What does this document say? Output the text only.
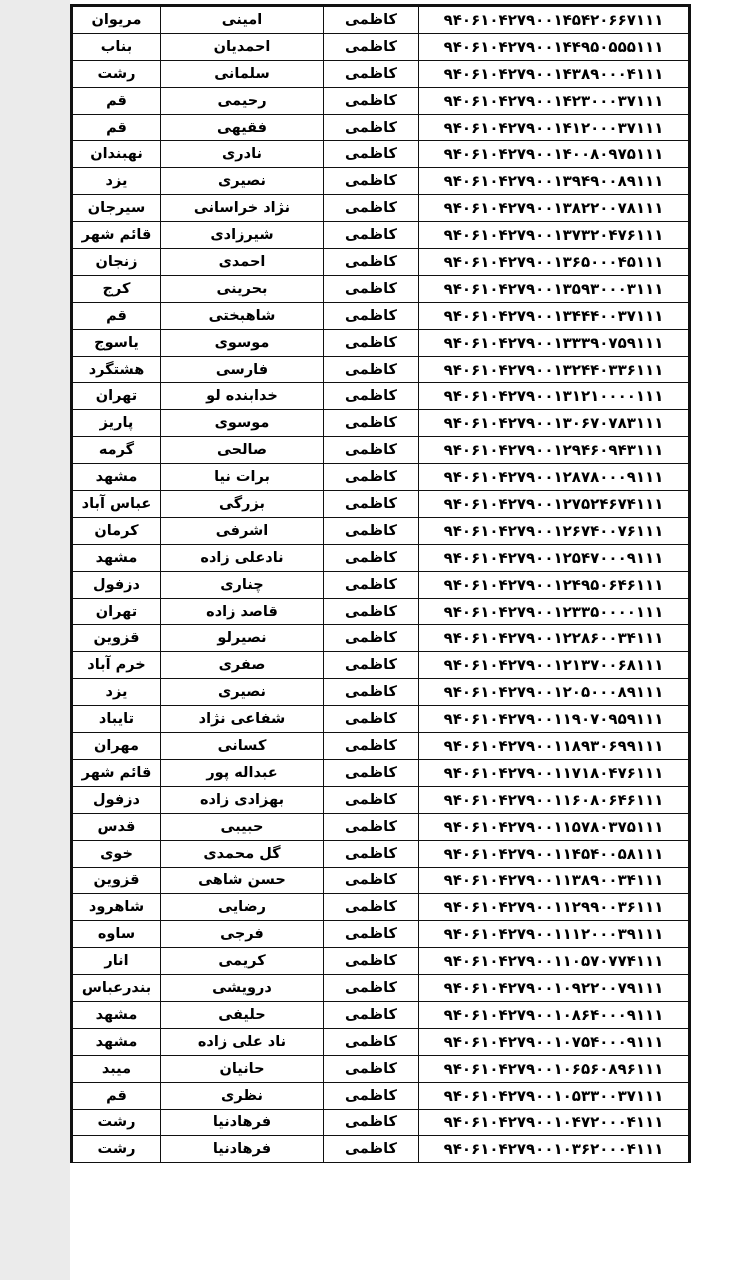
مریوان	امینی	کاظمی	۹۴۰۶۱۰۴۲۷۹۰۰۱۴۵۴۲۰۶۶۷۱۱۱
بناب	احمدیان	کاظمی	۹۴۰۶۱۰۴۲۷۹۰۰۱۴۴۹۵۰۵۵۵۱۱۱
رشت	سلمانی	کاظمی	۹۴۰۶۱۰۴۲۷۹۰۰۱۴۳۸۹۰۰۰۴۱۱۱
قم	رحیمی	کاظمی	۹۴۰۶۱۰۴۲۷۹۰۰۱۴۲۳۰۰۰۳۷۱۱۱
قم	فقیهی	کاظمی	۹۴۰۶۱۰۴۲۷۹۰۰۱۴۱۲۰۰۰۳۷۱۱۱
نهبندان	نادری	کاظمی	۹۴۰۶۱۰۴۲۷۹۰۰۱۴۰۰۸۰۹۷۵۱۱۱
یزد	نصیری	کاظمی	۹۴۰۶۱۰۴۲۷۹۰۰۱۳۹۴۹۰۰۸۹۱۱۱
سیرجان	نژاد خراسانی	کاظمی	۹۴۰۶۱۰۴۲۷۹۰۰۱۳۸۲۲۰۰۷۸۱۱۱
قائم شهر	شیرزادی	کاظمی	۹۴۰۶۱۰۴۲۷۹۰۰۱۳۷۳۲۰۴۷۶۱۱۱
زنجان	احمدی	کاظمی	۹۴۰۶۱۰۴۲۷۹۰۰۱۳۶۵۰۰۰۴۵۱۱۱
کرج	بحرینی	کاظمی	۹۴۰۶۱۰۴۲۷۹۰۰۱۳۵۹۳۰۰۰۳۱۱۱
قم	شاهبختی	کاظمی	۹۴۰۶۱۰۴۲۷۹۰۰۱۳۴۴۴۰۰۳۷۱۱۱
یاسوج	موسوی	کاظمی	۹۴۰۶۱۰۴۲۷۹۰۰۱۳۳۳۹۰۷۵۹۱۱۱
هشتگرد	فارسی	کاظمی	۹۴۰۶۱۰۴۲۷۹۰۰۱۳۲۴۴۰۳۳۶۱۱۱
تهران	خدابنده لو	کاظمی	۹۴۰۶۱۰۴۲۷۹۰۰۱۳۱۲۱۰۰۰۰۱۱۱
پاریز	موسوی	کاظمی	۹۴۰۶۱۰۴۲۷۹۰۰۱۳۰۶۷۰۷۸۳۱۱۱
گرمه	صالحی	کاظمی	۹۴۰۶۱۰۴۲۷۹۰۰۱۲۹۴۶۰۹۴۳۱۱۱
مشهد	برات نیا	کاظمی	۹۴۰۶۱۰۴۲۷۹۰۰۱۲۸۷۸۰۰۰۹۱۱۱
عباس آباد	بزرگی	کاظمی	۹۴۰۶۱۰۴۲۷۹۰۰۱۲۷۵۲۴۶۷۴۱۱۱
کرمان	اشرفی	کاظمی	۹۴۰۶۱۰۴۲۷۹۰۰۱۲۶۷۴۰۰۷۶۱۱۱
مشهد	نادعلی زاده	کاظمی	۹۴۰۶۱۰۴۲۷۹۰۰۱۲۵۴۷۰۰۰۹۱۱۱
دزفول	چناری	کاظمی	۹۴۰۶۱۰۴۲۷۹۰۰۱۲۴۹۵۰۶۴۶۱۱۱
تهران	قاصد زاده	کاظمی	۹۴۰۶۱۰۴۲۷۹۰۰۱۲۳۳۵۰۰۰۰۱۱۱
قزوین	نصیرلو	کاظمی	۹۴۰۶۱۰۴۲۷۹۰۰۱۲۲۸۶۰۰۳۴۱۱۱
خرم آباد	صفری	کاظمی	۹۴۰۶۱۰۴۲۷۹۰۰۱۲۱۳۷۰۰۶۸۱۱۱
یزد	نصیری	کاظمی	۹۴۰۶۱۰۴۲۷۹۰۰۱۲۰۵۰۰۰۸۹۱۱۱
تایباد	شفاعی نژاد	کاظمی	۹۴۰۶۱۰۴۲۷۹۰۰۱۱۹۰۷۰۹۵۹۱۱۱
مهران	کسانی	کاظمی	۹۴۰۶۱۰۴۲۷۹۰۰۱۱۸۹۳۰۶۹۹۱۱۱
قائم شهر	عبداله پور	کاظمی	۹۴۰۶۱۰۴۲۷۹۰۰۱۱۷۱۸۰۴۷۶۱۱۱
دزفول	بهزادی زاده	کاظمی	۹۴۰۶۱۰۴۲۷۹۰۰۱۱۶۰۸۰۶۴۶۱۱۱
قدس	حبیبی	کاظمی	۹۴۰۶۱۰۴۲۷۹۰۰۱۱۵۷۸۰۳۷۵۱۱۱
خوی	گل محمدی	کاظمی	۹۴۰۶۱۰۴۲۷۹۰۰۱۱۴۵۴۰۰۵۸۱۱۱
قزوین	حسن شاهی	کاظمی	۹۴۰۶۱۰۴۲۷۹۰۰۱۱۳۸۹۰۰۳۴۱۱۱
شاهرود	رضایی	کاظمی	۹۴۰۶۱۰۴۲۷۹۰۰۱۱۲۹۹۰۰۳۶۱۱۱
ساوه	فرجی	کاظمی	۹۴۰۶۱۰۴۲۷۹۰۰۱۱۱۲۰۰۰۳۹۱۱۱
انار	کریمی	کاظمی	۹۴۰۶۱۰۴۲۷۹۰۰۱۱۰۵۷۰۷۷۴۱۱۱
بندرعباس	درویشی	کاظمی	۹۴۰۶۱۰۴۲۷۹۰۰۱۰۹۲۲۰۰۷۹۱۱۱
مشهد	حلیفی	کاظمی	۹۴۰۶۱۰۴۲۷۹۰۰۱۰۸۶۴۰۰۰۹۱۱۱
مشهد	ناد علی زاده	کاظمی	۹۴۰۶۱۰۴۲۷۹۰۰۱۰۷۵۴۰۰۰۹۱۱۱
میبد	حانیان	کاظمی	۹۴۰۶۱۰۴۲۷۹۰۰۱۰۶۵۶۰۸۹۶۱۱۱
قم	نظری	کاظمی	۹۴۰۶۱۰۴۲۷۹۰۰۱۰۵۳۳۰۰۳۷۱۱۱
رشت	فرهادنیا	کاظمی	۹۴۰۶۱۰۴۲۷۹۰۰۱۰۴۷۲۰۰۰۴۱۱۱
رشت	فرهادنیا	کاظمی	۹۴۰۶۱۰۴۲۷۹۰۰۱۰۳۶۲۰۰۰۴۱۱۱
